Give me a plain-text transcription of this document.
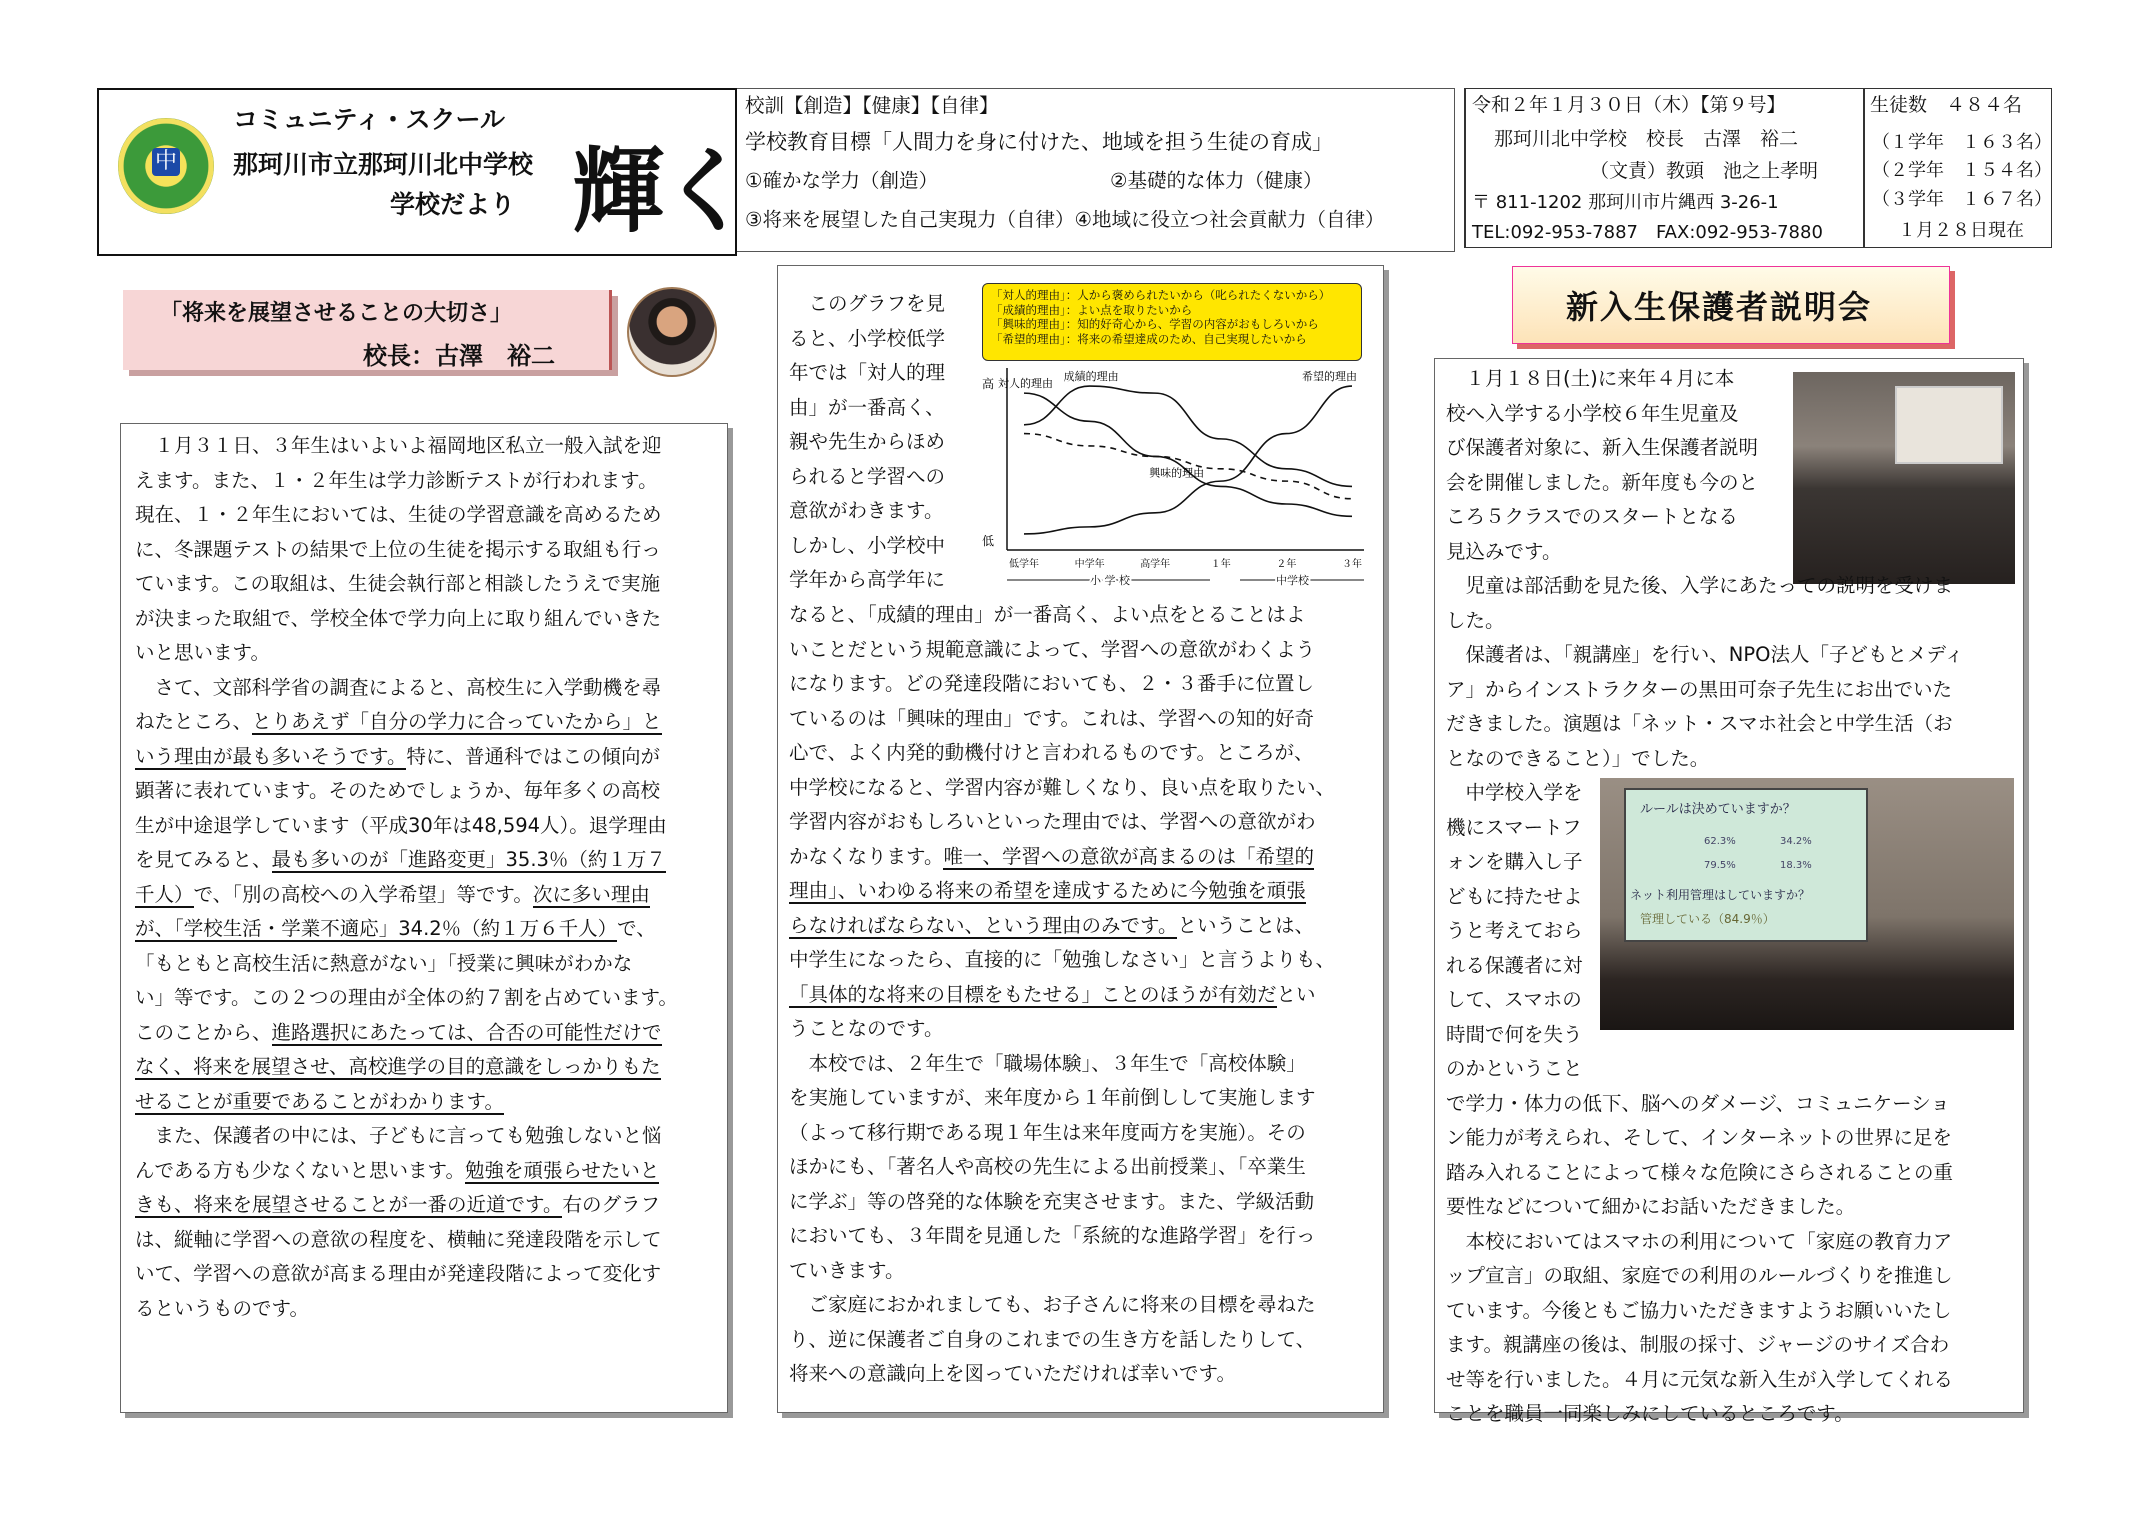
中
コミュニティ・スクール
那珂川市立那珂川北中学校
学校だより 輝く
校訓【創造】【健康】【自律】
学校教育目標「人間力を身に付けた、地域を担う生徒の育成」
①確かな学力（創造）	②基礎的な体力（健康）
③将来を展望した自己実現力（自律）④地域に役立つ社会貢献力（自律）
令和２年１月３０日（木）【第９号】
那珂川北中学校　校長　古澤　裕二
（文責）教頭　池之上孝明
〒 811-1202 那珂川市片縄西 3-26-1
TEL:092-953-7887　FAX:092-953-7880
生徒数　４８４名
（１学年　１６３名）
（２学年　１５４名）
（３学年　１６７名）
１月２８日現在
「将来を展望させることの大切さ」
校長：古澤　裕二
　１月３１日、３年生はいよいよ福岡地区私立一般入試を迎
えます。また、１・２年生は学力診断テストが行われます。
現在、１・２年生においては、生徒の学習意識を高めるため
に、冬課題テストの結果で上位の生徒を掲示する取組も行っ
ています。この取組は、生徒会執行部と相談したうえで実施
が決まった取組で、学校全体で学力向上に取り組んでいきた
いと思います。
　さて、文部科学省の調査によると、高校生に入学動機を尋
ねたところ、とりあえず「自分の学力に合っていたから」と
いう理由が最も多いそうです。特に、普通科ではこの傾向が
顕著に表れています。そのためでしょうか、毎年多くの高校
生が中途退学しています（平成30年は48,594人）。退学理由
を見てみると、最も多いのが「進路変更」35.3％（約１万７
千人）で、「別の高校への入学希望」等です。次に多い理由
が、「学校生活・学業不適応」34.2％（約１万６千人）で、
「もともと高校生活に熱意がない」「授業に興味がわかな
い」等です。この２つの理由が全体の約７割を占めています。
このことから、進路選択にあたっては、合否の可能性だけで
なく、将来を展望させ、高校進学の目的意識をしっかりもた
せることが重要であることがわかります。
　また、保護者の中には、子どもに言っても勉強しないと悩
んである方も少なくないと思います。勉強を頑張らせたいと
きも、将来を展望させることが一番の近道です。右のグラフ
は、縦軸に学習への意欲の程度を、横軸に発達段階を示して
いて、学習への意欲が高まる理由が発達段階によって変化す
るというものです。
　このグラフを見
ると、小学校低学
年では「対人的理
由」が一番高く、
親や先生からほめ
られると学習への
意欲がわきます。
しかし、小学校中
学年から高学年に
「対人的理由」：人から褒められたいから（叱られたくないから）
「成績的理由」：よい点を取りたいから
「興味的理由」：知的好奇心から、学習の内容がおもしろいから
「希望的理由」：将来の希望達成のため、自己実現したいから
高
低
対人的理由
成績的理由
興味的理由
希望的理由
低学年	中学年	高学年	１年	２年	３年
小 学 校	中学校
なると、「成績的理由」が一番高く、よい点をとることはよ
いことだという規範意識によって、学習への意欲がわくよう
になります。どの発達段階においても、２・３番手に位置し
ているのは「興味的理由」です。これは、学習への知的好奇
心で、よく内発的動機付けと言われるものです。ところが、
中学校になると、学習内容が難しくなり、良い点を取りたい、
学習内容がおもしろいといった理由では、学習への意欲がわ
かなくなります。唯一、学習への意欲が高まるのは「希望的
理由」、いわゆる将来の希望を達成するために今勉強を頑張
らなければならない、という理由のみです。ということは、
中学生になったら、直接的に「勉強しなさい」と言うよりも、
「具体的な将来の目標をもたせる」ことのほうが有効だとい
うことなのです。
　本校では、２年生で「職場体験」、３年生で「高校体験」
を実施していますが、来年度から１年前倒しして実施します
（よって移行期である現１年生は来年度両方を実施）。その
ほかにも、「著名人や高校の先生による出前授業」、「卒業生
に学ぶ」等の啓発的な体験を充実させます。また、学級活動
においても、３年間を見通した「系統的な進路学習」を行っ
ていきます。
　ご家庭におかれましても、お子さんに将来の目標を尋ねた
り、逆に保護者ご自身のこれまでの生き方を話したりして、
将来への意識向上を図っていただければ幸いです。
新入生保護者説明会
ルールは決めていますか？
62.3%	34.2%
79.5%	18.3%
ネット利用管理はしていますか？
管理している（84.9％）
　１月１８日(土)に来年４月に本
校へ入学する小学校６年生児童及
び保護者対象に、新入生保護者説明
会を開催しました。新年度も今のと
ころ５クラスでのスタートとなる
見込みです。
　児童は部活動を見た後、入学にあたっての説明を受けま
した。
　保護者は、「親講座」を行い、NPO法人「子どもとメディ
ア」からインストラクターの黒田可奈子先生にお出でいた
だきました。演題は「ネット・スマホ社会と中学生活（お
となのできること）」でした。
　中学校入学を
機にスマートフ
ォンを購入し子
どもに持たせよ
うと考えておら
れる保護者に対
して、スマホの
時間で何を失う
のかということ
で学力・体力の低下、脳へのダメージ、コミュニケーショ
ン能力が考えられ、そして、インターネットの世界に足を
踏み入れることによって様々な危険にさらされることの重
要性などについて細かにお話いただきました。
　本校においてはスマホの利用について「家庭の教育力ア
ップ宣言」の取組、家庭での利用のルールづくりを推進し
ています。今後ともご協力いただきますようお願いいたし
ます。親講座の後は、制服の採寸、ジャージのサイズ合わ
せ等を行いました。４月に元気な新入生が入学してくれる
ことを職員一同楽しみにしているところです。
